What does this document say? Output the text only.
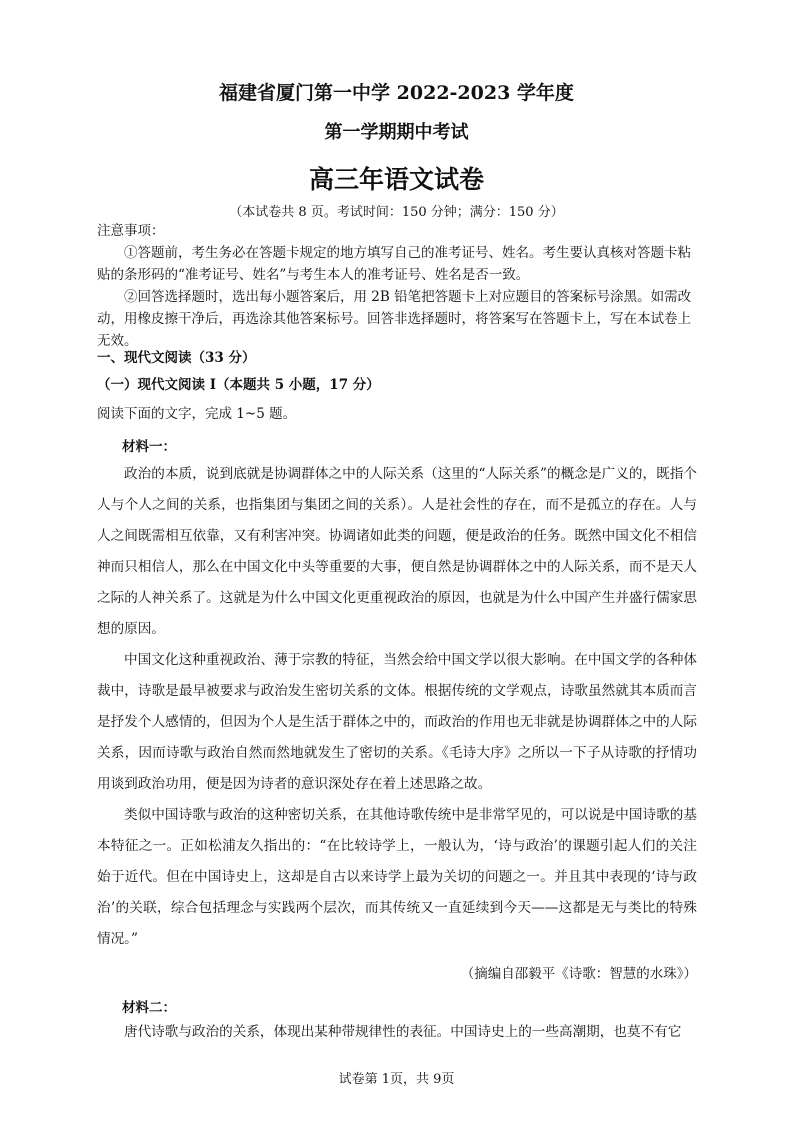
福建省厦门第一中学 2022-2023 学年度
第一学期期中考试
高三年语文试卷
（本试卷共 8 页。考试时间：150 分钟；满分：150 分）
注意事项：
①答题前，考生务必在答题卡规定的地方填写自己的准考证号、姓名。考生要认真核对答题卡粘贴的条形码的“准考证号、姓名”与考生本人的准考证号、姓名是否一致。
②回答选择题时，选出每小题答案后，用 2B 铅笔把答题卡上对应题目的答案标号涂黑。如需改动，用橡皮擦干净后，再选涂其他答案标号。回答非选择题时，将答案写在答题卡上，写在本试卷上无效。
一、现代文阅读（33 分）
（一）现代文阅读 I（本题共 5 小题，17 分）
阅读下面的文字，完成 1~5 题。
材料一：
政治的本质，说到底就是协调群体之中的人际关系（这里的“人际关系”的概念是广义的，既指个人与个人之间的关系，也指集团与集团之间的关系）。人是社会性的存在，而不是孤立的存在。人与人之间既需相互依靠，又有利害冲突。协调诸如此类的问题，便是政治的任务。既然中国文化不相信神而只相信人，那么在中国文化中头等重要的大事，便自然是协调群体之中的人际关系，而不是天人之际的人神关系了。这就是为什么中国文化更重视政治的原因，也就是为什么中国产生并盛行儒家思想的原因。
中国文化这种重视政治、薄于宗教的特征，当然会给中国文学以很大影响。在中国文学的各种体裁中，诗歌是最早被要求与政治发生密切关系的文体。根据传统的文学观点，诗歌虽然就其本质而言是抒发个人感情的，但因为个人是生活于群体之中的，而政治的作用也无非就是协调群体之中的人际关系，因而诗歌与政治自然而然地就发生了密切的关系。《毛诗大序》之所以一下子从诗歌的抒情功用谈到政治功用，便是因为诗者的意识深处存在着上述思路之故。
类似中国诗歌与政治的这种密切关系，在其他诗歌传统中是非常罕见的，可以说是中国诗歌的基本特征之一。正如松浦友久指出的：“在比较诗学上，一般认为，‘诗与政治’的课题引起人们的关注始于近代。但在中国诗史上，这却是自古以来诗学上最为关切的问题之一。并且其中表现的‘诗与政治’的关联，综合包括理念与实践两个层次，而其传统又一直延续到今天——这都是无与类比的特殊情况。”
（摘编自邵毅平《诗歌：智慧的水珠》）
材料二：
唐代诗歌与政治的关系，体现出某种带规律性的表征。中国诗史上的一些高潮期，也莫不有它
试卷第 1页，共 9页
